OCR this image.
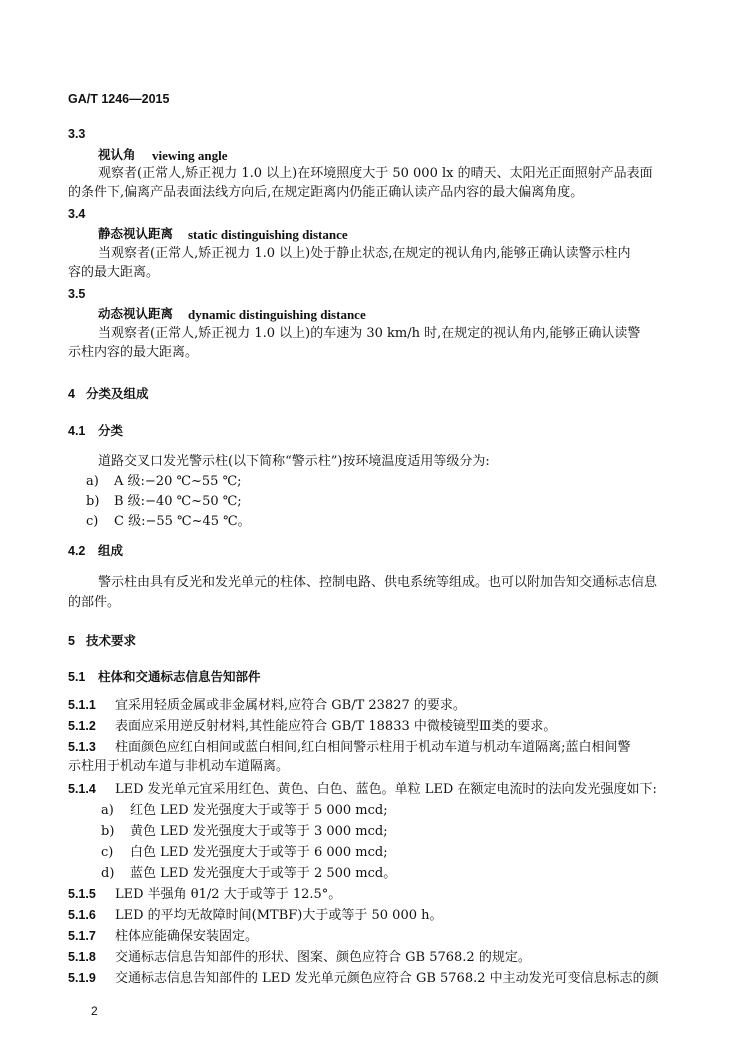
GA/T 1246—2015
3.3
视认角 viewing angle
观察者(正常人,矫正视力 1.0 以上)在环境照度大于 50 000 lx 的晴天、太阳光正面照射产品表面
的条件下,偏离产品表面法线方向后,在规定距离内仍能正确认读产品内容的最大偏离角度。
3.4
静态视认距离 static distinguishing distance
当观察者(正常人,矫正视力 1.0 以上)处于静止状态,在规定的视认角内,能够正确认读警示柱内
容的最大距离。
3.5
动态视认距离 dynamic distinguishing distance
当观察者(正常人,矫正视力 1.0 以上)的车速为 30 km/h 时,在规定的视认角内,能够正确认读警
示柱内容的最大距离。
4 分类及组成
4.1 分类
道路交叉口发光警示柱(以下简称“警示柱”)按环境温度适用等级分为:
a) A 级:−20 ℃~55 ℃;
b) B 级:−40 ℃~50 ℃;
c) C 级:−55 ℃~45 ℃。
4.2 组成
警示柱由具有反光和发光单元的柱体、控制电路、供电系统等组成。也可以附加告知交通标志信息
的部件。
5 技术要求
5.1 柱体和交通标志信息告知部件
5.1.1 宜采用轻质金属或非金属材料,应符合 GB/T 23827 的要求。
5.1.2 表面应采用逆反射材料,其性能应符合 GB/T 18833 中微棱镜型Ⅲ类的要求。
5.1.3 柱面颜色应红白相间或蓝白相间,红白相间警示柱用于机动车道与机动车道隔离;蓝白相间警
示柱用于机动车道与非机动车道隔离。
5.1.4 LED 发光单元宜采用红色、黄色、白色、蓝色。单粒 LED 在额定电流时的法向发光强度如下:
a) 红色 LED 发光强度大于或等于 5 000 mcd;
b) 黄色 LED 发光强度大于或等于 3 000 mcd;
c) 白色 LED 发光强度大于或等于 6 000 mcd;
d) 蓝色 LED 发光强度大于或等于 2 500 mcd。
5.1.5 LED 半强角 θ1/2 大于或等于 12.5°。
5.1.6 LED 的平均无故障时间(MTBF)大于或等于 50 000 h。
5.1.7 柱体应能确保安装固定。
5.1.8 交通标志信息告知部件的形状、图案、颜色应符合 GB 5768.2 的规定。
5.1.9 交通标志信息告知部件的 LED 发光单元颜色应符合 GB 5768.2 中主动发光可变信息标志的颜
2
